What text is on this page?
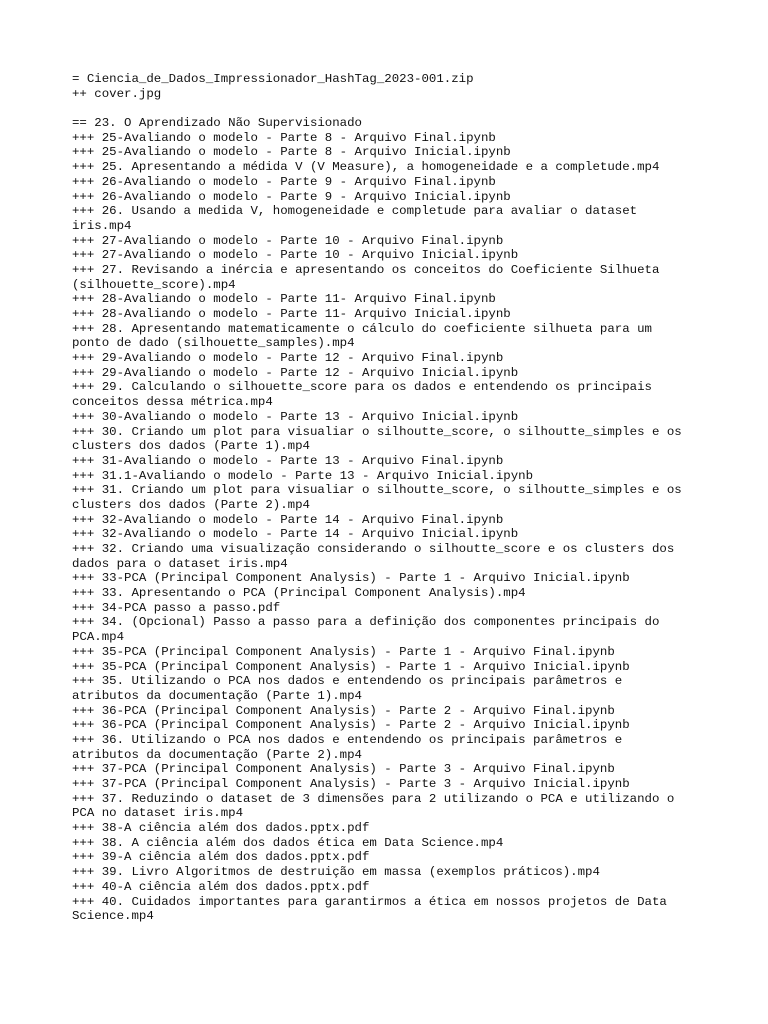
= Ciencia_de_Dados_Impressionador_HashTag_2023-001.zip
++ cover.jpg
== 23. O Aprendizado Não Supervisionado
+++ 25-Avaliando o modelo - Parte 8 - Arquivo Final.ipynb
+++ 25-Avaliando o modelo - Parte 8 - Arquivo Inicial.ipynb
+++ 25. Apresentando a médida V (V Measure), a homogeneidade e a completude.mp4
+++ 26-Avaliando o modelo - Parte 9 - Arquivo Final.ipynb
+++ 26-Avaliando o modelo - Parte 9 - Arquivo Inicial.ipynb
+++ 26. Usando a medida V, homogeneidade e completude para avaliar o dataset
iris.mp4
+++ 27-Avaliando o modelo - Parte 10 - Arquivo Final.ipynb
+++ 27-Avaliando o modelo - Parte 10 - Arquivo Inicial.ipynb
+++ 27. Revisando a inércia e apresentando os conceitos do Coeficiente Silhueta
(silhouette_score).mp4
+++ 28-Avaliando o modelo - Parte 11- Arquivo Final.ipynb
+++ 28-Avaliando o modelo - Parte 11- Arquivo Inicial.ipynb
+++ 28. Apresentando matematicamente o cálculo do coeficiente silhueta para um
ponto de dado (silhouette_samples).mp4
+++ 29-Avaliando o modelo - Parte 12 - Arquivo Final.ipynb
+++ 29-Avaliando o modelo - Parte 12 - Arquivo Inicial.ipynb
+++ 29. Calculando o silhouette_score para os dados e entendendo os principais
conceitos dessa métrica.mp4
+++ 30-Avaliando o modelo - Parte 13 - Arquivo Inicial.ipynb
+++ 30. Criando um plot para visualiar o silhoutte_score, o silhoutte_simples e os
clusters dos dados (Parte 1).mp4
+++ 31-Avaliando o modelo - Parte 13 - Arquivo Final.ipynb
+++ 31.1-Avaliando o modelo - Parte 13 - Arquivo Inicial.ipynb
+++ 31. Criando um plot para visualiar o silhoutte_score, o silhoutte_simples e os
clusters dos dados (Parte 2).mp4
+++ 32-Avaliando o modelo - Parte 14 - Arquivo Final.ipynb
+++ 32-Avaliando o modelo - Parte 14 - Arquivo Inicial.ipynb
+++ 32. Criando uma visualização considerando o silhoutte_score e os clusters dos
dados para o dataset iris.mp4
+++ 33-PCA (Principal Component Analysis) - Parte 1 - Arquivo Inicial.ipynb
+++ 33. Apresentando o PCA (Principal Component Analysis).mp4
+++ 34-PCA passo a passo.pdf
+++ 34. (Opcional) Passo a passo para a definição dos componentes principais do
PCA.mp4
+++ 35-PCA (Principal Component Analysis) - Parte 1 - Arquivo Final.ipynb
+++ 35-PCA (Principal Component Analysis) - Parte 1 - Arquivo Inicial.ipynb
+++ 35. Utilizando o PCA nos dados e entendendo os principais parâmetros e
atributos da documentação (Parte 1).mp4
+++ 36-PCA (Principal Component Analysis) - Parte 2 - Arquivo Final.ipynb
+++ 36-PCA (Principal Component Analysis) - Parte 2 - Arquivo Inicial.ipynb
+++ 36. Utilizando o PCA nos dados e entendendo os principais parâmetros e
atributos da documentação (Parte 2).mp4
+++ 37-PCA (Principal Component Analysis) - Parte 3 - Arquivo Final.ipynb
+++ 37-PCA (Principal Component Analysis) - Parte 3 - Arquivo Inicial.ipynb
+++ 37. Reduzindo o dataset de 3 dimensões para 2 utilizando o PCA e utilizando o
PCA no dataset iris.mp4
+++ 38-A ciência além dos dados.pptx.pdf
+++ 38. A ciência além dos dados ética em Data Science.mp4
+++ 39-A ciência além dos dados.pptx.pdf
+++ 39. Livro Algoritmos de destruição em massa (exemplos práticos).mp4
+++ 40-A ciência além dos dados.pptx.pdf
+++ 40. Cuidados importantes para garantirmos a ética em nossos projetos de Data
Science.mp4
